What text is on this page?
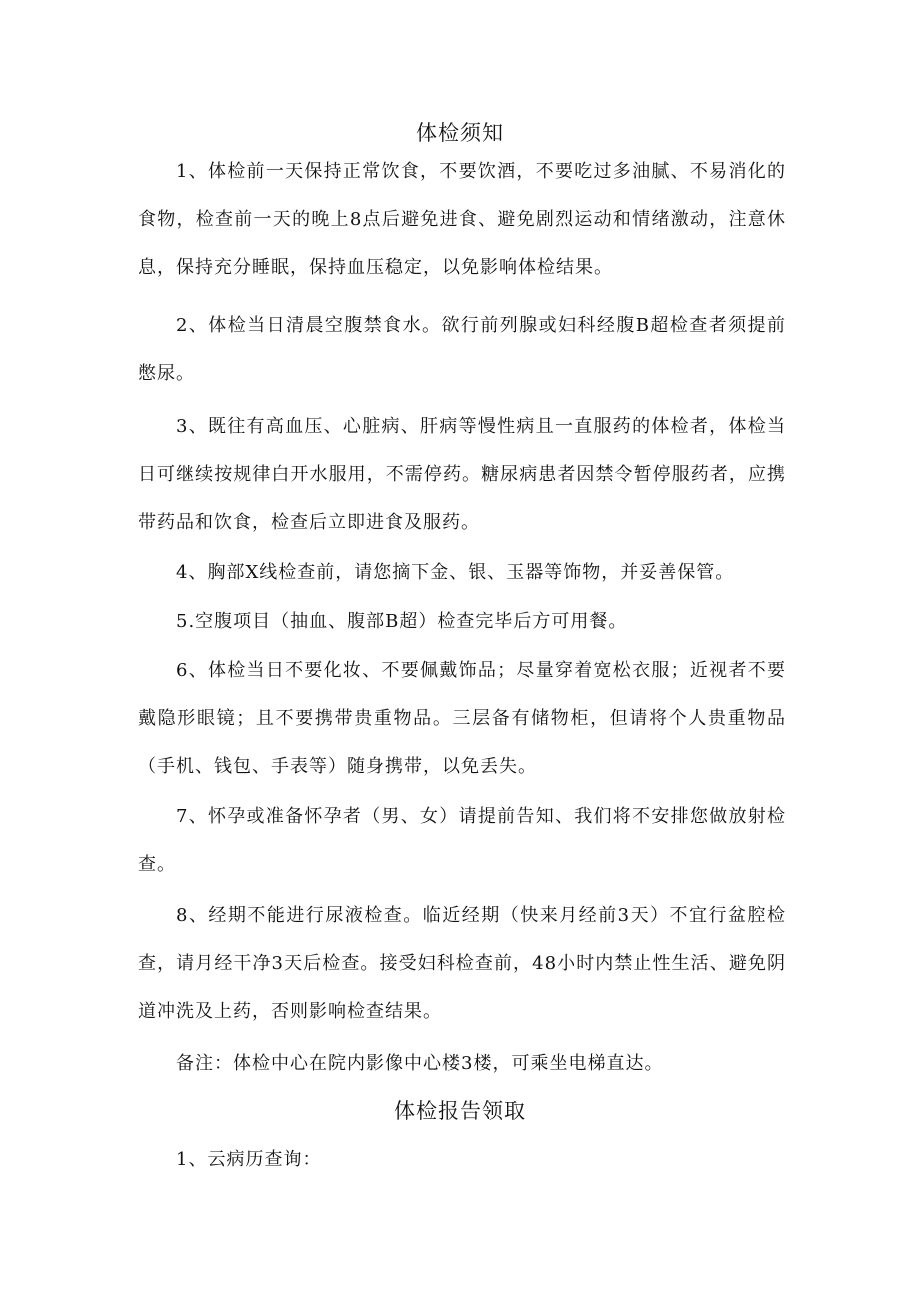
体检须知

1、体检前一天保持正常饮食，不要饮酒，不要吃过多油腻、不易消化的食物，检查前一天的晚上8点后避免进食、避免剧烈运动和情绪激动，注意休息，保持充分睡眠，保持血压稳定，以免影响体检结果。

2、体检当日清晨空腹禁食水。欲行前列腺或妇科经腹B超检查者须提前憋尿。

3、既往有高血压、心脏病、肝病等慢性病且一直服药的体检者，体检当日可继续按规律白开水服用，不需停药。糖尿病患者因禁令暂停服药者，应携带药品和饮食，检查后立即进食及服药。

4、胸部X线检查前，请您摘下金、银、玉器等饰物，并妥善保管。

5.空腹项目（抽血、腹部B超）检查完毕后方可用餐。

6、体检当日不要化妆、不要佩戴饰品；尽量穿着宽松衣服；近视者不要戴隐形眼镜；且不要携带贵重物品。三层备有储物柜，但请将个人贵重物品（手机、钱包、手表等）随身携带，以免丢失。

7、怀孕或准备怀孕者（男、女）请提前告知、我们将不安排您做放射检查。

8、经期不能进行尿液检查。临近经期（快来月经前3天）不宜行盆腔检查，请月经干净3天后检查。接受妇科检查前，48小时内禁止性生活、避免阴道冲洗及上药，否则影响检查结果。

备注：体检中心在院内影像中心楼3楼，可乘坐电梯直达。

体检报告领取

1、云病历查询：
